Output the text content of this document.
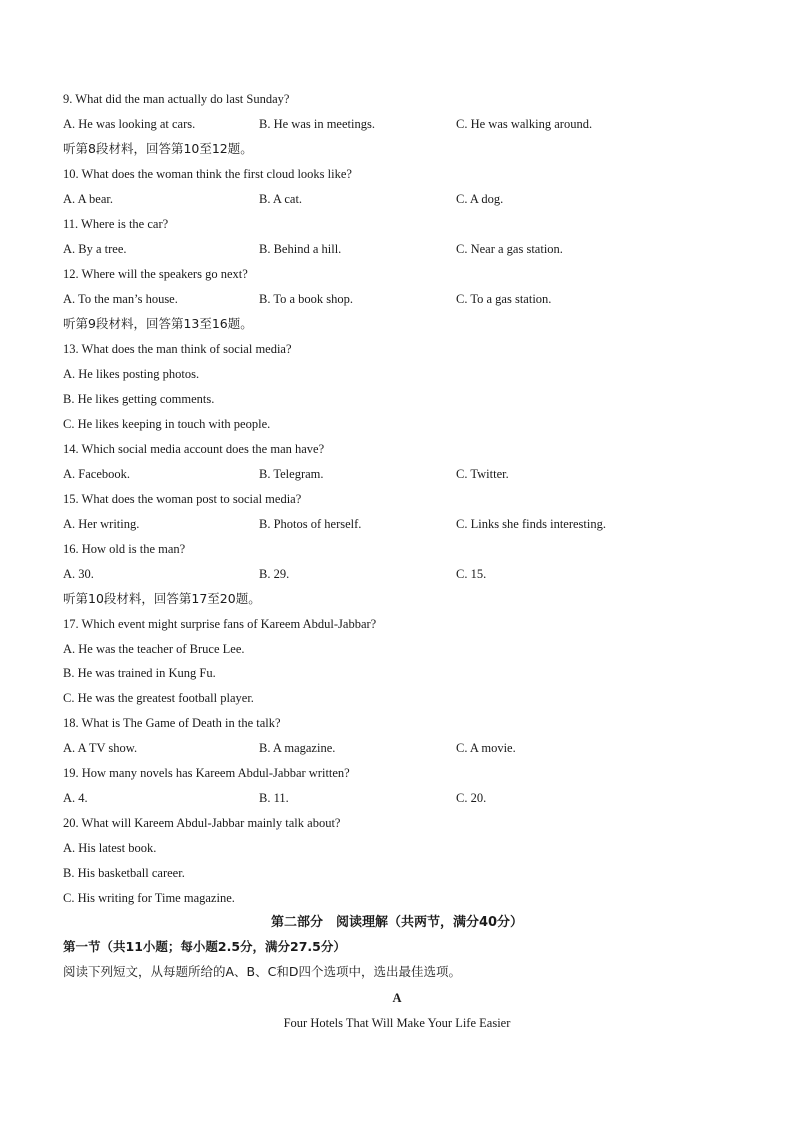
9. What did the man actually do last Sunday?
A. He was looking at cars.	B. He was in meetings.	C. He was walking around.
听第8段材料，回答第10至12题。
10. What does the woman think the first cloud looks like?
A. A bear.	B. A cat.	C. A dog.
11. Where is the car?
A. By a tree.	B. Behind a hill.	C. Near a gas station.
12. Where will the speakers go next?
A. To the man’s house.	B. To a book shop.	C. To a gas station.
听第9段材料，回答第13至16题。
13. What does the man think of social media?
A. He likes posting photos.
B. He likes getting comments.
C. He likes keeping in touch with people.
14. Which social media account does the man have?
A. Facebook.	B. Telegram.	C. Twitter.
15. What does the woman post to social media?
A. Her writing.	B. Photos of herself.	C. Links she finds interesting.
16. How old is the man?
A. 30.	B. 29.	C. 15.
听第10段材料，回答第17至20题。
17. Which event might surprise fans of Kareem Abdul-Jabbar?
A. He was the teacher of Bruce Lee.
B. He was trained in Kung Fu.
C. He was the greatest football player.
18. What is The Game of Death in the talk?
A. A TV show.	B. A magazine.	C. A movie.
19. How many novels has Kareem Abdul-Jabbar written?
A. 4.	B. 11.	C. 20.
20. What will Kareem Abdul-Jabbar mainly talk about?
A. His latest book.
B. His basketball career.
C. His writing for Time magazine.
第二部分　阅读理解（共两节，满分40分）
第一节（共11小题；每小题2.5分，满分27.5分）
阅读下列短文，从每题所给的A、B、C和D四个选项中，选出最佳选项。
A
Four Hotels That Will Make Your Life Easier
